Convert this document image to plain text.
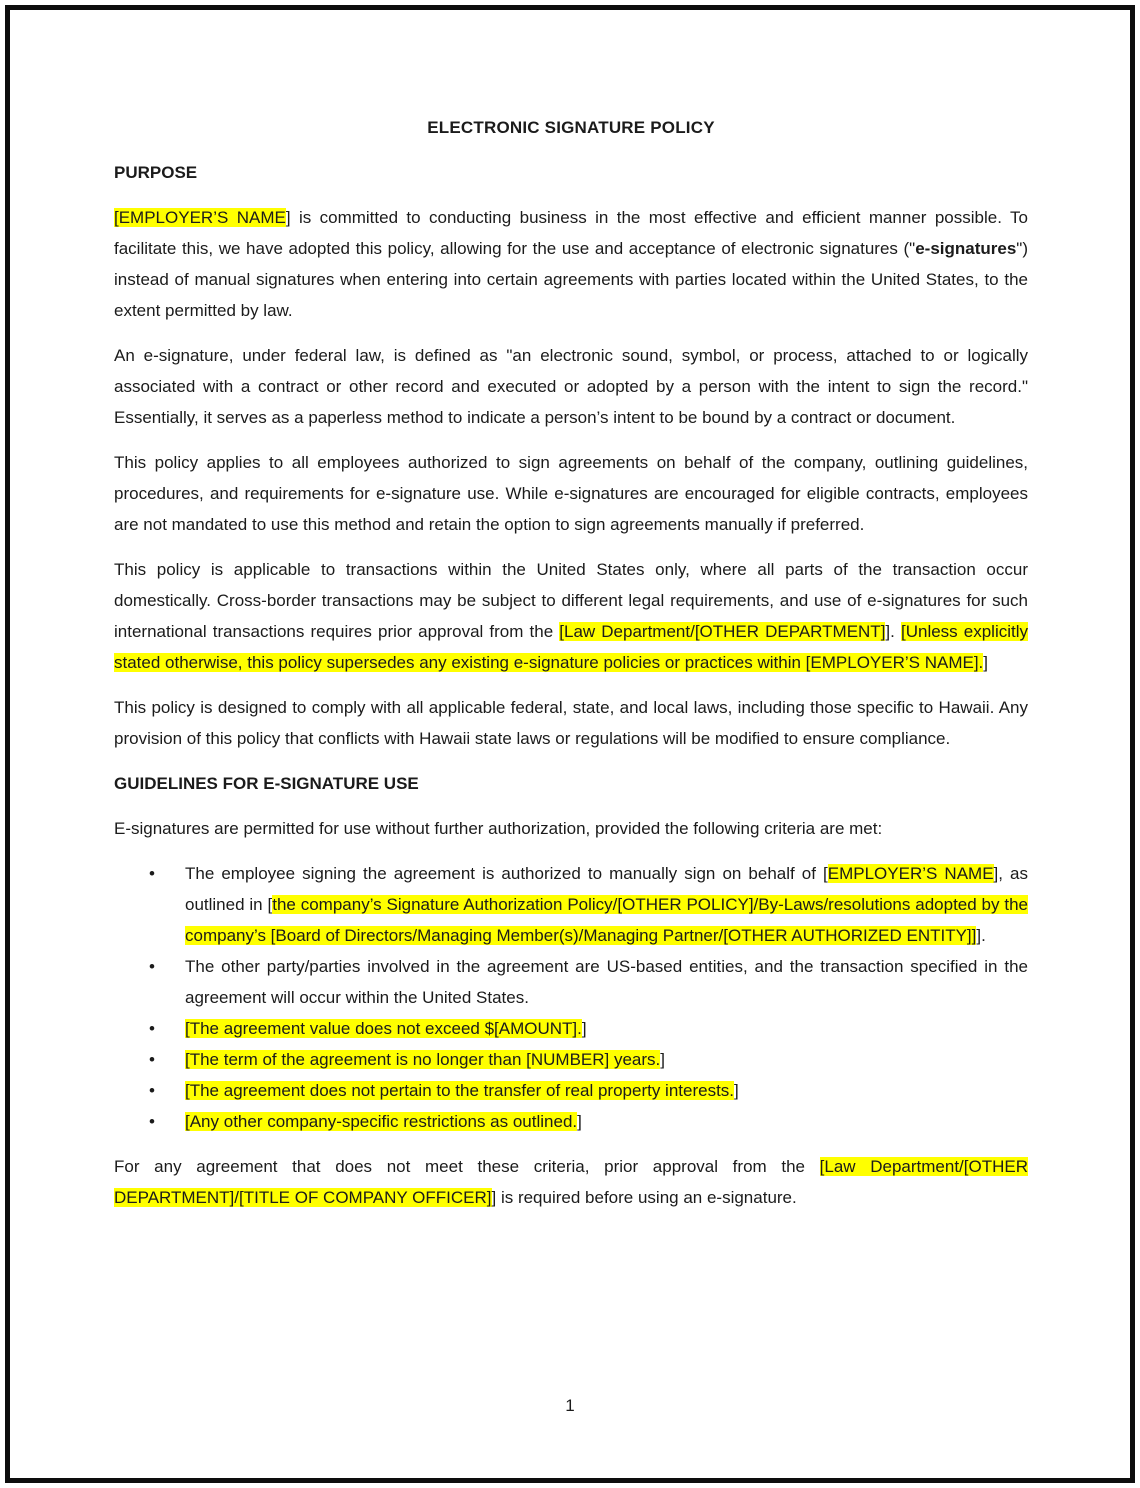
ELECTRONIC SIGNATURE POLICY
PURPOSE

[EMPLOYER’S NAME] is committed to conducting business in the most effective and efficient manner possible. To facilitate this, we have adopted this policy, allowing for the use and acceptance of electronic signatures ("e-signatures") instead of manual signatures when entering into certain agreements with parties located within the United States, to the extent permitted by law.

An e-signature, under federal law, is defined as "an electronic sound, symbol, or process, attached to or logically associated with a contract or other record and executed or adopted by a person with the intent to sign the record." Essentially, it serves as a paperless method to indicate a person’s intent to be bound by a contract or document.

This policy applies to all employees authorized to sign agreements on behalf of the company, outlining guidelines, procedures, and requirements for e-signature use. While e-signatures are encouraged for eligible contracts, employees are not mandated to use this method and retain the option to sign agreements manually if preferred.

This policy is applicable to transactions within the United States only, where all parts of the transaction occur domestically. Cross-border transactions may be subject to different legal requirements, and use of e-signatures for such international transactions requires prior approval from the [Law Department/[OTHER DEPARTMENT]]. [Unless explicitly stated otherwise, this policy supersedes any existing e-signature policies or practices within [EMPLOYER’S NAME].]

This policy is designed to comply with all applicable federal, state, and local laws, including those specific to Hawaii. Any provision of this policy that conflicts with Hawaii state laws or regulations will be modified to ensure compliance.

GUIDELINES FOR E-SIGNATURE USE

E-signatures are permitted for use without further authorization, provided the following criteria are met:

• The employee signing the agreement is authorized to manually sign on behalf of [EMPLOYER’S NAME], as outlined in [the company’s Signature Authorization Policy/[OTHER POLICY]/By-Laws/resolutions adopted by the company’s [Board of Directors/Managing Member(s)/Managing Partner/[OTHER AUTHORIZED ENTITY]]].
• The other party/parties involved in the agreement are US-based entities, and the transaction specified in the agreement will occur within the United States.
• [The agreement value does not exceed $[AMOUNT].]
• [The term of the agreement is no longer than [NUMBER] years.]
• [The agreement does not pertain to the transfer of real property interests.]
• [Any other company-specific restrictions as outlined.]

For any agreement that does not meet these criteria, prior approval from the [Law Department/[OTHER DEPARTMENT]/[TITLE OF COMPANY OFFICER]] is required before using an e-signature.

1
